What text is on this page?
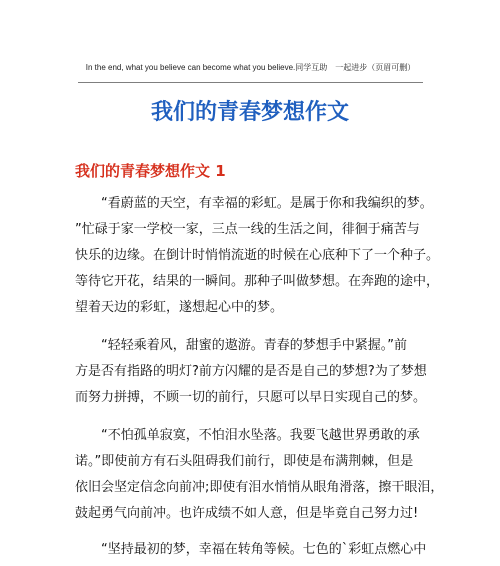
In the end, what you believe can become what you believe.同学互助　一起进步（页眉可删）
我们的青春梦想作文
我们的青春梦想作文 1
　　“看蔚蓝的天空，有幸福的彩虹。是属于你和我编织的梦。
”忙碌于家一学校一家，三点一线的生活之间，徘徊于痛苦与
快乐的边缘。在倒计时悄悄流逝的时候在心底种下了一个种子。
等待它开花，结果的一瞬间。那种子叫做梦想。在奔跑的途中，
望着天边的彩虹，遂想起心中的梦。
　　“轻轻乘着风，甜蜜的遨游。青春的梦想手中紧握。”前
方是否有指路的明灯?前方闪耀的是否是自己的梦想?为了梦想
而努力拼搏，不顾一切的前行，只愿可以早日实现自己的梦。
　　“不怕孤单寂寞，不怕泪水坠落。我要飞越世界勇敢的承
诺。”即使前方有石头阻碍我们前行，即使是布满荆棘，但是
依旧会坚定信念向前冲;即使有泪水悄悄从眼角滑落，擦干眼泪，
鼓起勇气向前冲。也许成绩不如人意，但是毕竟自己努力过!
　　“坚持最初的梦，幸福在转角等候。七色的`彩虹点燃心中
